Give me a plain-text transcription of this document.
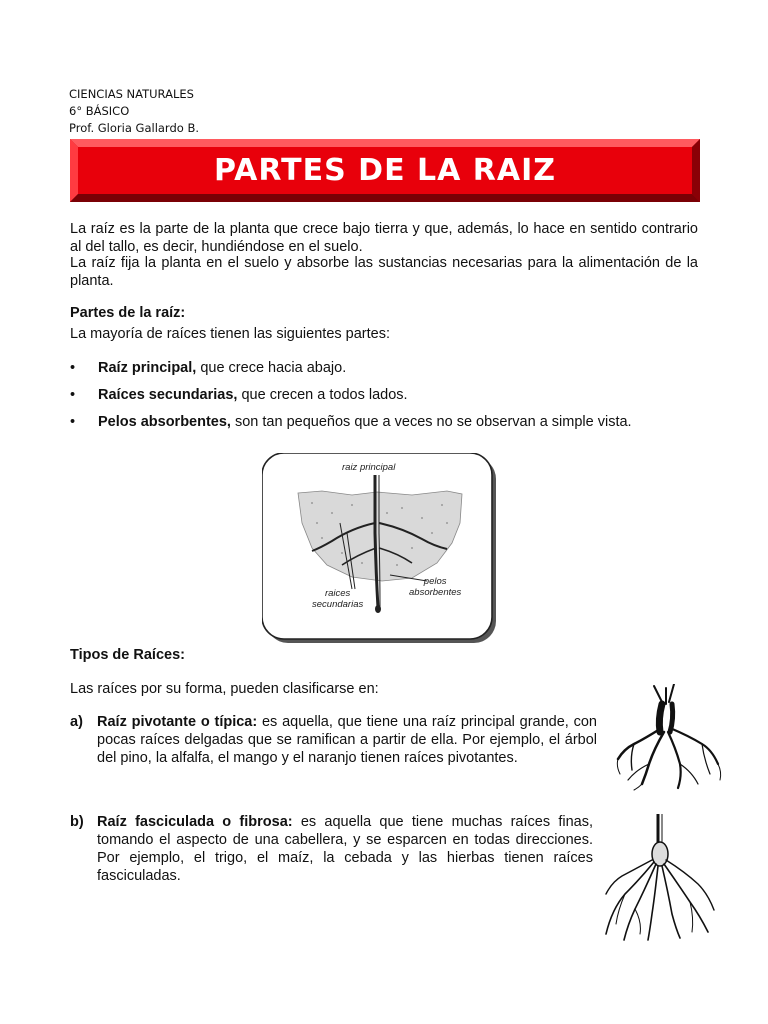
CIENCIAS NATURALES
6° BÁSICO
Prof. Gloria Gallardo B.
PARTES DE LA RAIZ
La raíz es la parte de la planta que crece bajo tierra y que, además, lo hace en sentido contrario al del tallo, es decir, hundiéndose en el suelo.
La raíz fija la planta en el suelo y absorbe las sustancias necesarias para la alimentación de la planta.
Partes de la raíz:
La mayoría de raíces tienen las siguientes partes:
• Raíz principal, que crece hacia abajo.
• Raíces secundarias, que crecen a todos lados.
• Pelos absorbentes, son tan pequeños que a veces no se observan a simple vista.
raiz principal
raices
secundarias
pelos
absorbentes
Tipos de Raíces:
Las raíces por su forma, pueden clasificarse en:
a) Raíz pivotante o típica: es aquella, que tiene una raíz principal grande, con pocas raíces delgadas que se ramifican a partir de ella. Por ejemplo, el árbol del pino, la alfalfa, el mango y el naranjo tienen raíces pivotantes.
b) Raíz fasciculada o fibrosa: es aquella que tiene muchas raíces finas, tomando el aspecto de una cabellera, y se esparcen en todas direcciones. Por ejemplo, el trigo, el maíz, la cebada y las hierbas tienen raíces fasciculadas.
